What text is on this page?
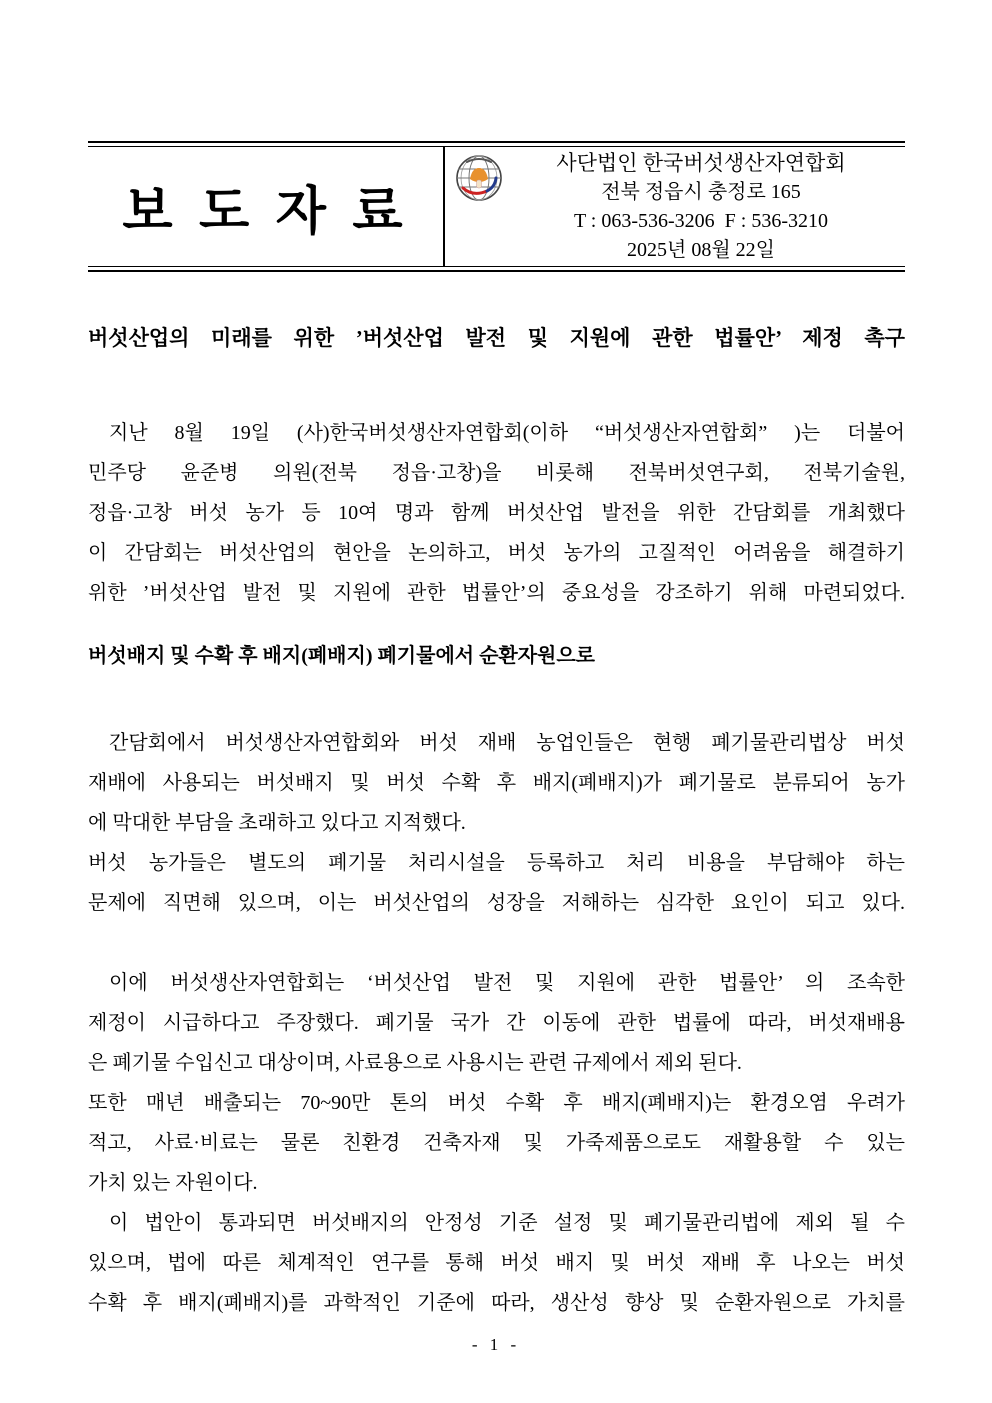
보 도 자 료
사단법인 한국버섯생산자연합회
전북 정읍시 충정로 165
T : 063-536-3206  F : 536-3210
2025년 08월 22일
버섯산업의 미래를 위한 ’버섯산업 발전 및 지원에 관한 법률안’ 제정 촉구
지난 8월 19일 (사)한국버섯생산자연합회(이하 “버섯생산자연합회” )는 더불어
민주당 윤준병 의원(전북 정읍·고창)을 비롯해 전북버섯연구회, 전북기술원,
정읍·고창 버섯 농가 등 10여 명과 함께 버섯산업 발전을 위한 간담회를 개최했다
이 간담회는 버섯산업의 현안을 논의하고, 버섯 농가의 고질적인 어려움을 해결하기
위한 ’버섯산업 발전 및 지원에 관한 법률안’의 중요성을 강조하기 위해 마련되었다.
버섯배지 및 수확 후 배지(폐배지) 폐기물에서 순환자원으로
간담회에서 버섯생산자연합회와 버섯 재배 농업인들은 현행 폐기물관리법상 버섯
재배에 사용되는 버섯배지 및 버섯 수확 후 배지(폐배지)가 폐기물로 분류되어 농가
에 막대한 부담을 초래하고 있다고 지적했다.
버섯 농가들은 별도의 폐기물 처리시설을 등록하고 처리 비용을 부담해야 하는
문제에 직면해 있으며, 이는 버섯산업의 성장을 저해하는 심각한 요인이 되고 있다.
이에 버섯생산자연합회는 ‘버섯산업 발전 및 지원에 관한 법률안’ 의 조속한
제정이 시급하다고 주장했다. 폐기물 국가 간 이동에 관한 법률에 따라, 버섯재배용
은 폐기물 수입신고 대상이며, 사료용으로 사용시는 관련 규제에서 제외 된다.
또한 매년 배출되는 70~90만 톤의 버섯 수확 후 배지(폐배지)는 환경오염 우려가
적고, 사료·비료는 물론 친환경 건축자재 및 가죽제품으로도 재활용할 수 있는
가치 있는 자원이다.
이 법안이 통과되면 버섯배지의 안정성 기준 설정 및 폐기물관리법에 제외 될 수
있으며, 법에 따른 체계적인 연구를 통해 버섯 배지 및 버섯 재배 후 나오는 버섯
수확 후 배지(폐배지)를 과학적인 기준에 따라, 생산성 향상 및 순환자원으로 가치를
- 1 -
